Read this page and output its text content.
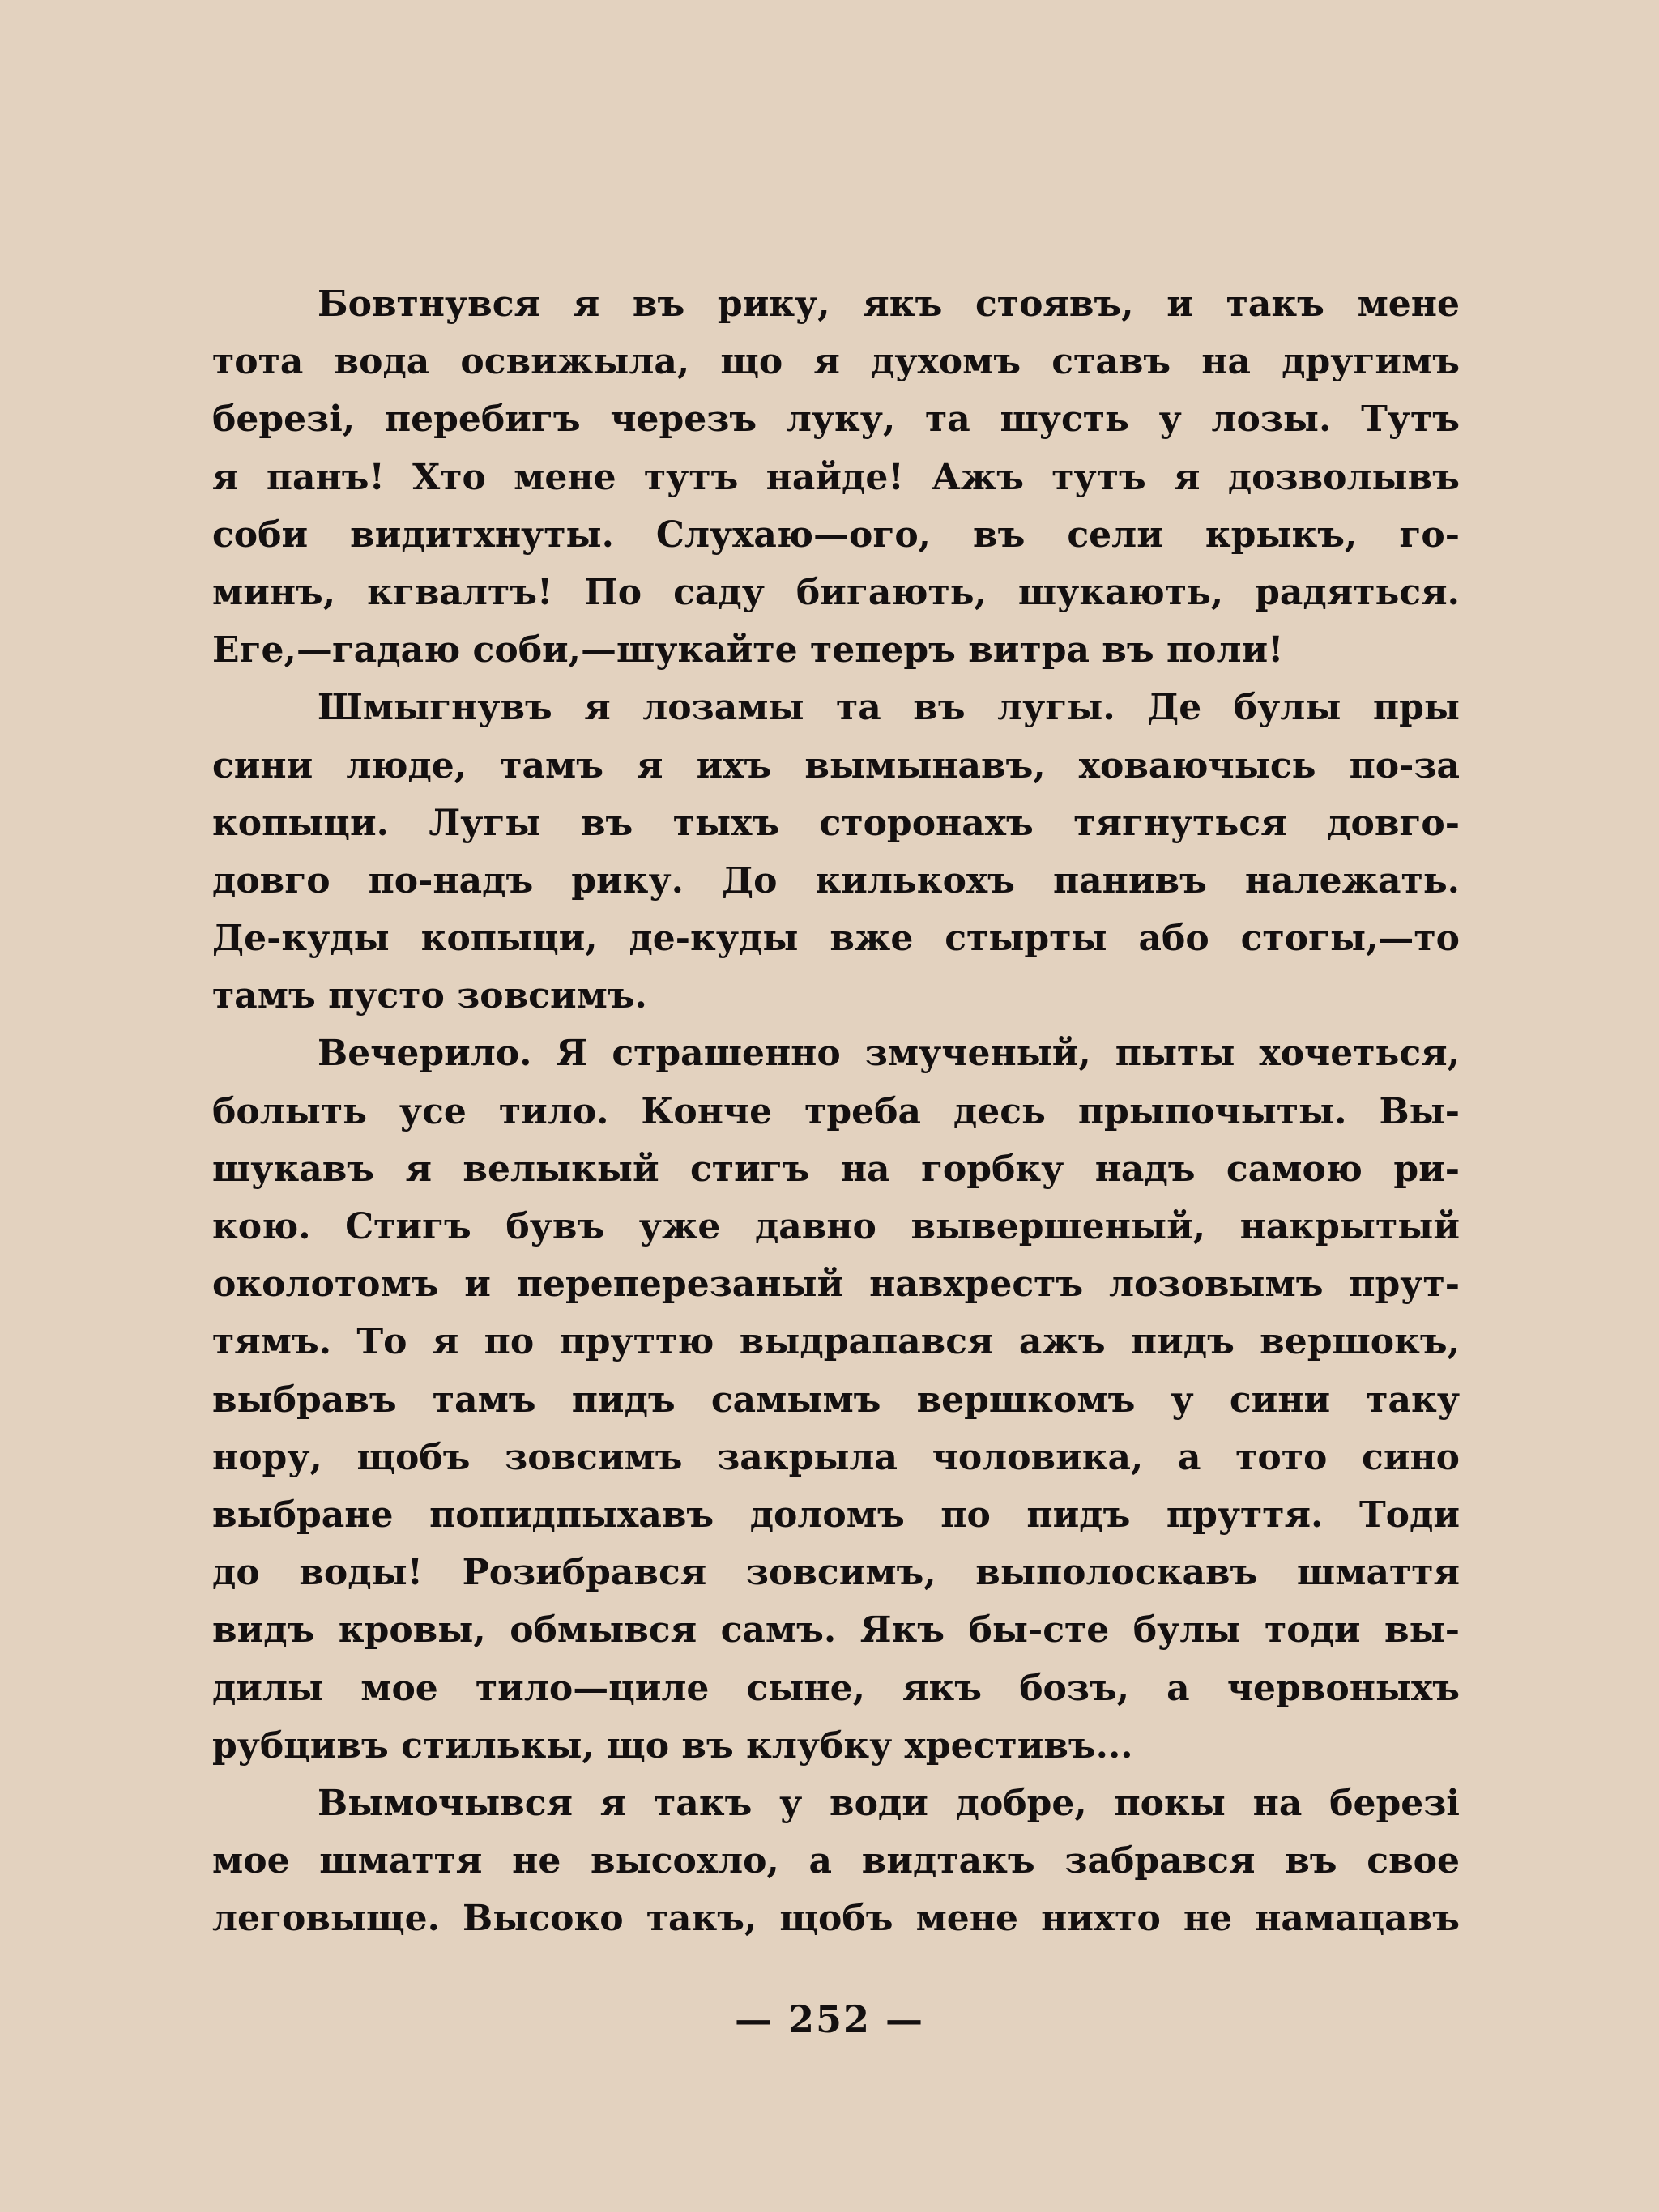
Бовтнувся я въ рику, якъ стоявъ, и такъ мене
тота вода освижыла, що я духомъ ставъ на другимъ
березі, перебигъ черезъ луку, та шусть у лозы. Тутъ
я панъ! Хто мене тутъ найде! Ажъ тутъ я дозволывъ
соби видитхнуты. Слухаю—ого, въ сели крыкъ, го-
минъ, кгвалтъ! По саду бигають, шукають, радяться.
Еге,—гадаю соби,—шукайте теперъ витра въ поли!
Шмыгнувъ я лозамы та въ лугы. Де булы пры
сини люде, тамъ я ихъ вымынавъ, ховаючысь по-за
копыци. Лугы въ тыхъ сторонахъ тягнуться довго-
довго по-надъ рику. До килькохъ панивъ належать.
Де-куды копыци, де-куды вже стырты або стогы,—то
тамъ пусто зовсимъ.
Вечерило. Я страшенно змученый, пыты хочеться,
болыть усе тило. Конче треба десь прыпочыты. Вы-
шукавъ я велыкый стигъ на горбку надъ самою ри-
кою. Стигъ бувъ уже давно вывершеный, накрытый
околотомъ и переперезаный навхрестъ лозовымъ прут-
тямъ. То я по пруттю выдрапався ажъ пидъ вершокъ,
выбравъ тамъ пидъ самымъ вершкомъ у сини таку
нору, щобъ зовсимъ закрыла чоловика, а тото сино
выбране попидпыхавъ доломъ по пидъ пруття. Тоди
до воды! Розибрався зовсимъ, выполоскавъ шмаття
видъ кровы, обмывся самъ. Якъ бы-сте булы тоди вы-
дилы мое тило—циле сыне, якъ бозъ, а червоныхъ
рубцивъ стилькы, що въ клубку хрестивъ...
Вымочывся я такъ у води добре, покы на березі
мое шмаття не высохло, а видтакъ забрався въ свое
леговыще. Высоко такъ, щобъ мене нихто не намацавъ
— 252 —
